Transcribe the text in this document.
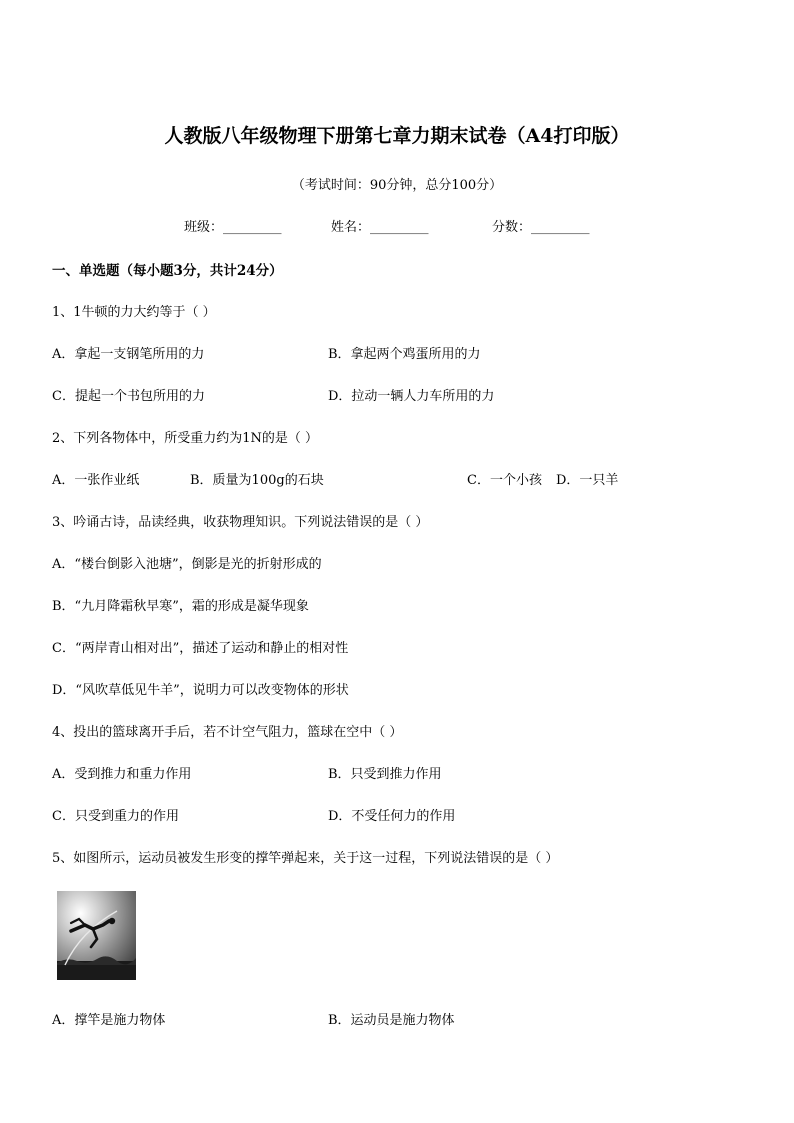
人教版八年级物理下册第七章力期末试卷（A4打印版）
（考试时间：90分钟，总分100分）
班级：_________	姓名：_________	分数：_________
一、单选题（每小题3分，共计24分）
1、1牛顿的力大约等于（ ）
A．拿起一支钢笔所用的力	B．拿起两个鸡蛋所用的力
C．提起一个书包所用的力	D．拉动一辆人力车所用的力
2、下列各物体中，所受重力约为1N的是（ ）
A．一张作业纸	B．质量为100g的石块	C．一个小孩 D．一只羊
3、吟诵古诗，品读经典，收获物理知识。下列说法错误的是（ ）
A．“楼台倒影入池塘”，倒影是光的折射形成的
B．“九月降霜秋早寒”，霜的形成是凝华现象
C．“两岸青山相对出”，描述了运动和静止的相对性
D．“风吹草低见牛羊”，说明力可以改变物体的形状
4、投出的篮球离开手后，若不计空气阻力，篮球在空中（ ）
A．受到推力和重力作用	B．只受到推力作用
C．只受到重力的作用	D．不受任何力的作用
5、如图所示，运动员被发生形变的撑竿弹起来，关于这一过程，下列说法错误的是（ ）
A．撑竿是施力物体	B．运动员是施力物体
